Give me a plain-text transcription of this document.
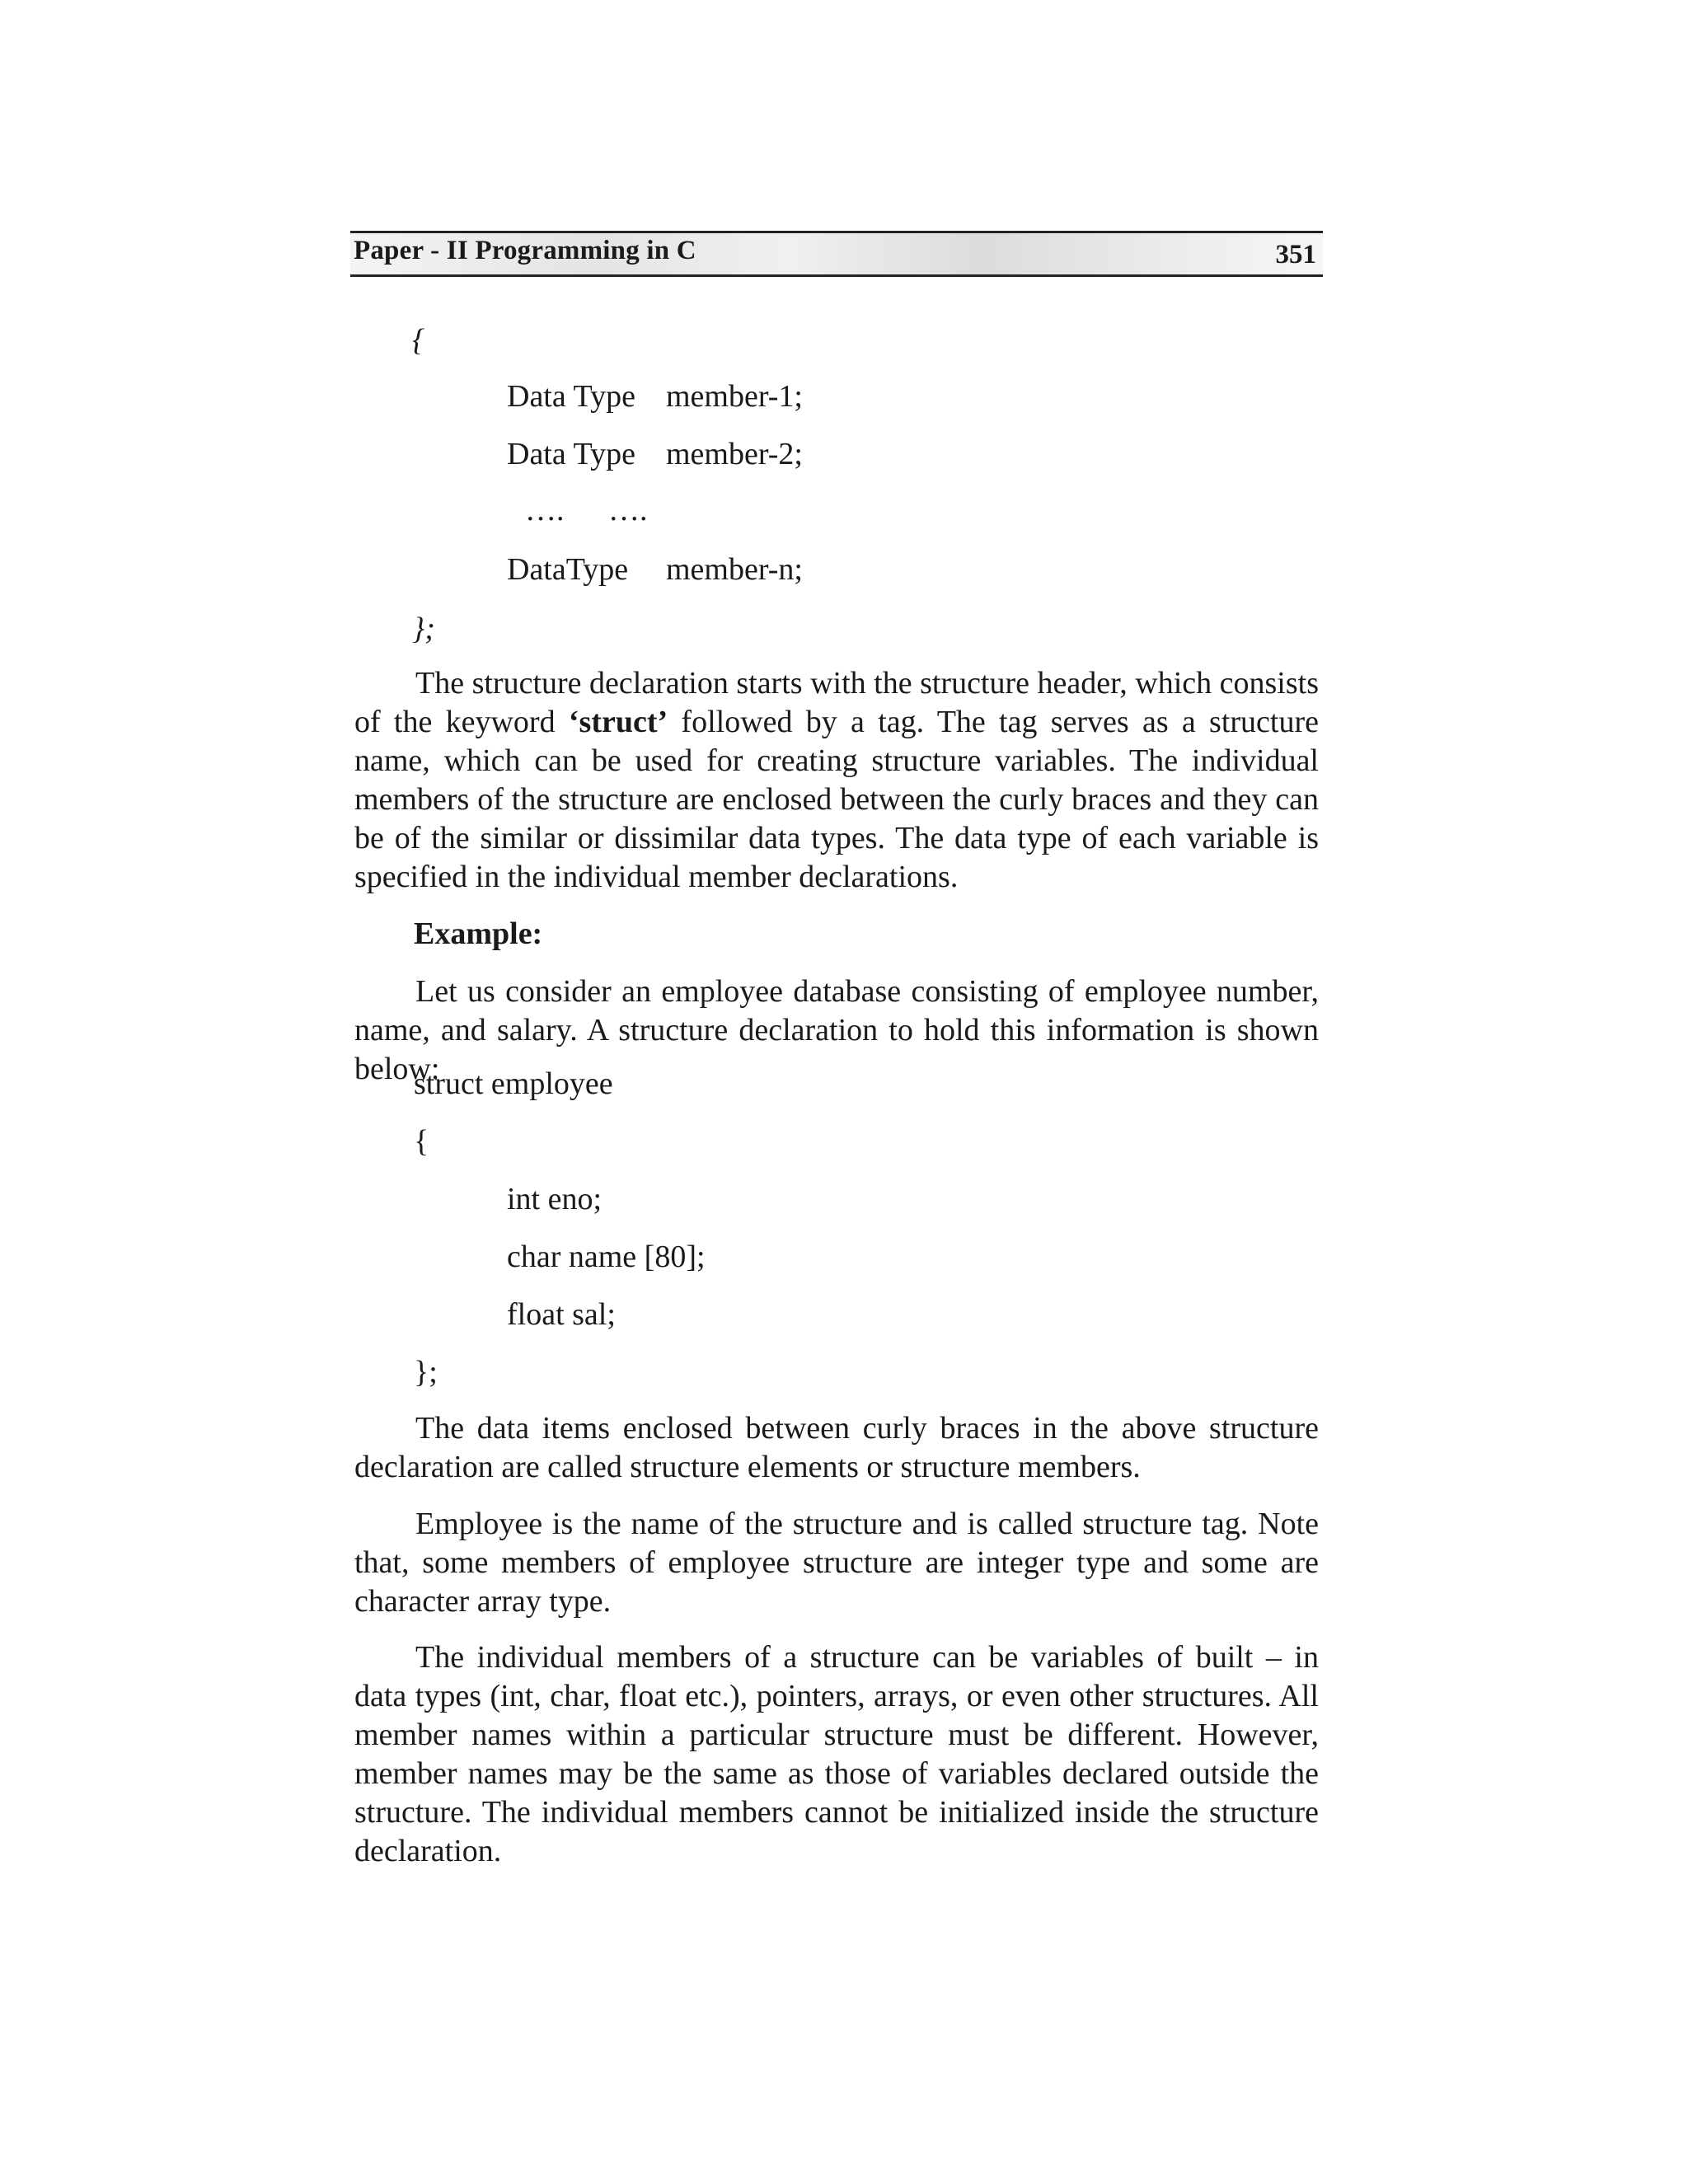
Paper - II Programming in C	351
{
Data Type member-1;
Data Type member-2;
…. ….
DataType member-n;
};

The structure declaration starts with the structure header, which consists of the keyword ‘struct’ followed by a tag. The tag serves as a structure name, which can be used for creating structure variables. The individual members of the structure are enclosed between the curly braces and they can be of the similar or dissimilar data types. The data type of each variable is specified in the individual member declarations.

Example:

Let us consider an employee database consisting of employee number, name, and salary. A structure declaration to hold this information is shown below:

struct employee
{
int eno;
char name [80];
float sal;
};

The data items enclosed between curly braces in the above structure declaration are called structure elements or structure members.

Employee is the name of the structure and is called structure tag. Note that, some members of employee structure are integer type and some are character array type.

The individual members of a structure can be variables of built – in data types (int, char, float etc.), pointers, arrays, or even other structures. All member names within a particular structure must be different. However, member names may be the same as those of variables declared outside the structure. The individual members cannot be initialized inside the structure declaration.
